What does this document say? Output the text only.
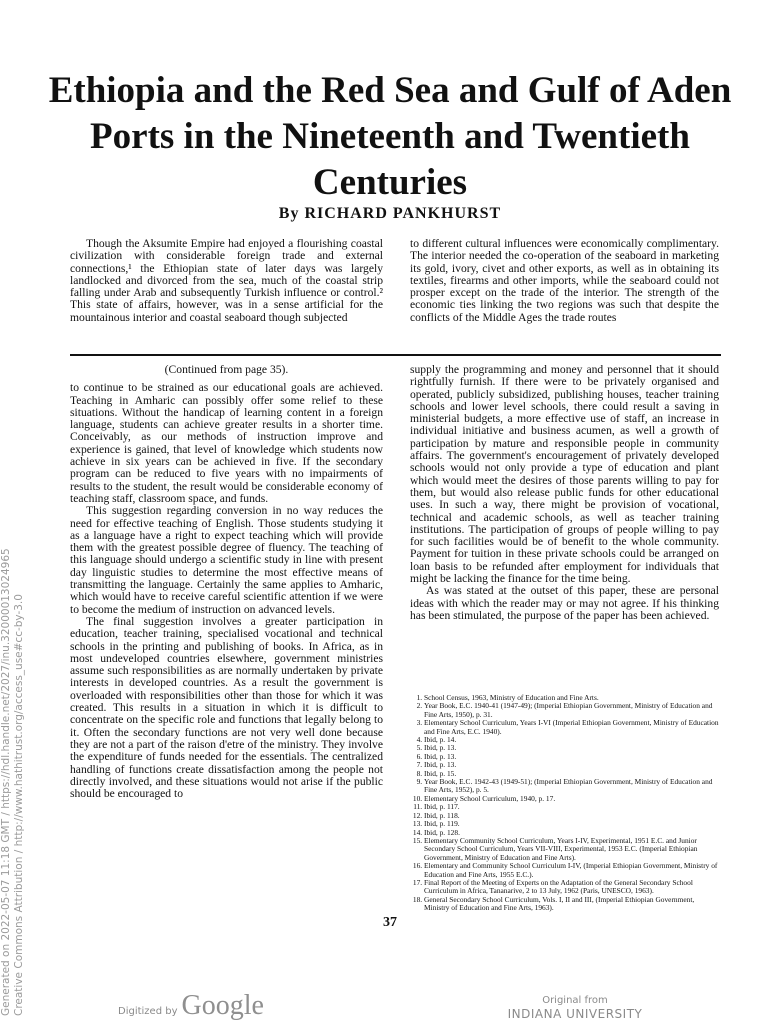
Generated on 2022-05-07 11:18 GMT / https://hdl.handle.net/2027/inu.32000013024965 Creative Commons Attribution / http://www.hathitrust.org/access_use#cc-by-3.0
Ethiopia and the Red Sea and Gulf of Aden Ports in the Nineteenth and Twentieth Centuries
By RICHARD PANKHURST

Though the Aksumite Empire had enjoyed a flourishing coastal civilization with considerable foreign trade and external connections,¹ the Ethiopian state of later days was largely landlocked and divorced from the sea, much of the coastal strip falling under Arab and subsequently Turkish influence or control.² This state of affairs, however, was in a sense artificial for the mountainous interior and coastal seaboard though subjected

to different cultural influences were economically complimentary. The interior needed the co-operation of the seaboard in marketing its gold, ivory, civet and other exports, as well as in obtaining its textiles, firearms and other imports, while the seaboard could not prosper except on the trade of the interior. The strength of the economic ties linking the two regions was such that despite the conflicts of the Middle Ages the trade routes

(Continued from page 35).

to continue to be strained as our educational goals are achieved. Teaching in Amharic can possibly offer some relief to these situations. Without the handicap of learning content in a foreign language, students can achieve greater results in a shorter time. Conceivably, as our methods of instruction improve and experience is gained, that level of knowledge which students now achieve in six years can be achieved in five. If the secondary program can be reduced to five years with no impairments of results to the student, the result would be considerable economy of teaching staff, classroom space, and funds.

This suggestion regarding conversion in no way reduces the need for effective teaching of English. Those students studying it as a language have a right to expect teaching which will provide them with the greatest possible degree of fluency. The teaching of this language should undergo a scientific study in line with present day linguistic studies to determine the most effective means of transmitting the language. Certainly the same applies to Amharic, which would have to receive careful scientific attention if we were to become the medium of instruction on advanced levels.

The final suggestion involves a greater participation in education, teacher training, specialised vocational and technical schools in the printing and publishing of books. In Africa, as in most undeveloped countries elsewhere, government ministries assume such responsibilities as are normally undertaken by private interests in developed countries. As a result the government is overloaded with responsibilities other than those for which it was created. This results in a situation in which it is difficult to concentrate on the specific role and functions that legally belong to it. Often the secondary functions are not very well done because they are not a part of the raison d'etre of the ministry. They involve the expenditure of funds needed for the essentials. The centralized handling of functions create dissatisfaction among the people not directly involved, and these situations would not arise if the public should be encouraged to

supply the programming and money and personnel that it should rightfully furnish. If there were to be privately organised and operated, publicly subsidized, publishing houses, teacher training schools and lower level schools, there could result a saving in ministerial budgets, a more effective use of staff, an increase in individual initiative and business acumen, as well a growth of participation by mature and responsible people in community affairs. The government's encouragement of privately developed schools would not only provide a type of education and plant which would meet the desires of those parents willing to pay for them, but would also release public funds for other educational uses. In such a way, there might be provision of vocational, technical and academic schools, as well as teacher training institutions. The participation of groups of people willing to pay for such facilities would be of benefit to the whole community. Payment for tuition in these private schools could be arranged on loan basis to be refunded after employment for individuals that might be lacking the finance for the time being.

As was stated at the outset of this paper, these are personal ideas with which the reader may or may not agree. If his thinking has been stimulated, the purpose of the paper has been achieved.

1. School Census, 1963, Ministry of Education and Fine Arts.
2. Year Book, E.C. 1940-41 (1947-49); (Imperial Ethiopian Government, Ministry of Education and Fine Arts, 1950), p. 31.
3. Elementary School Curriculum, Years I-VI (Imperial Ethiopian Government, Ministry of Education and Fine Arts, E.C. 1940).
4. Ibid, p. 14.
5. Ibid, p. 13.
6. Ibid, p. 13.
7. Ibid, p. 13.
8. Ibid, p. 15.
9. Year Book, E.C. 1942-43 (1949-51); (Imperial Ethiopian Government, Ministry of Education and Fine Arts, 1952), p. 5.
10. Elementary School Curriculum, 1940, p. 17.
11. Ibid, p. 117.
12. Ibid, p. 118.
13. Ibid, p. 119.
14. Ibid, p. 128.
15. Elementary Community School Curriculum, Years I-IV, Experimental, 1951 E.C. and Junior Secondary School Curriculum, Years VII-VIII, Experimental, 1953 E.C. (Imperial Ethiopian Government, Ministry of Education and Fine Arts).
16. Elementary and Community School Curriculum I-IV, (Imperial Ethiopian Government, Ministry of Education and Fine Arts, 1955 E.C.).
17. Final Report of the Meeting of Experts on the Adaptation of the General Secondary School Curriculum in Africa, Tananarive, 2 to 13 July, 1962 (Paris, UNESCO, 1963).
18. General Secondary School Curriculum, Vols. I, II and III, (Imperial Ethiopian Government, Ministry of Education and Fine Arts, 1963).
37
Digitized by Google	Original from
INDIANA UNIVERSITY
